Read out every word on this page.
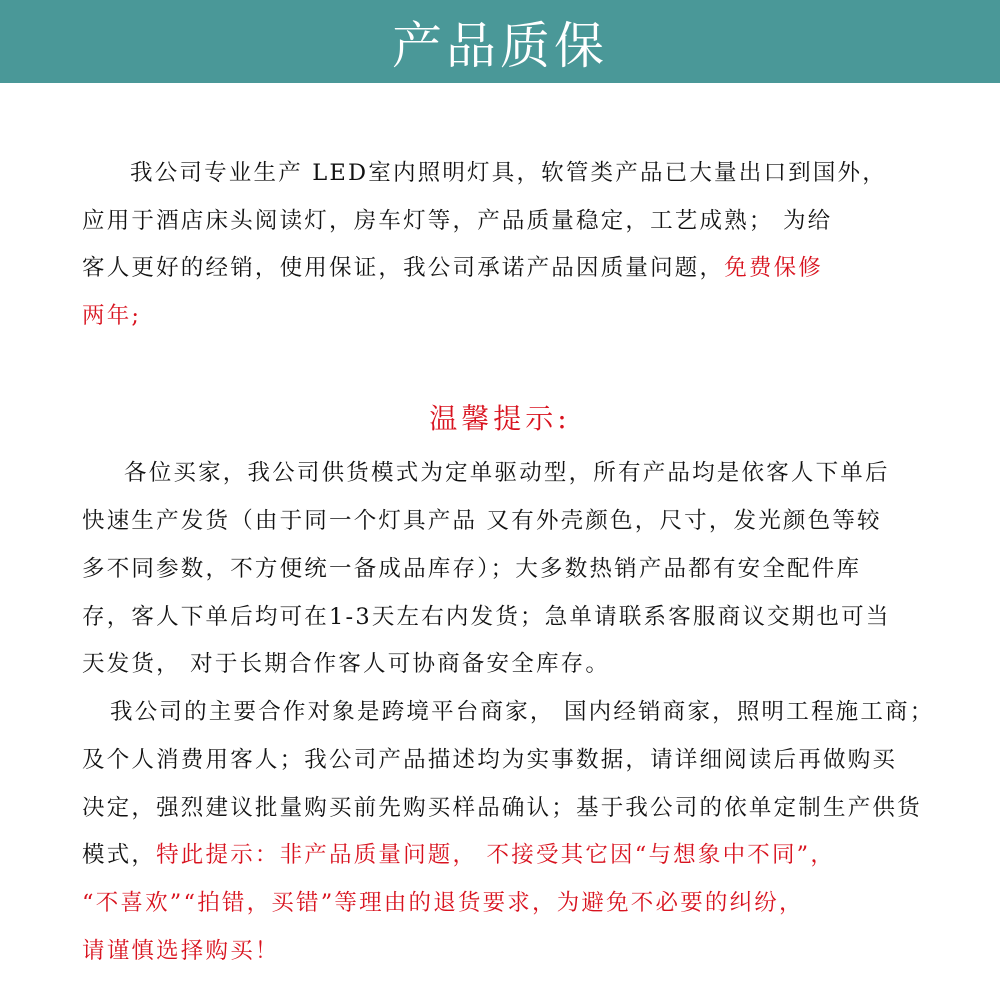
产品质保
我公司专业生产 LED室内照明灯具，软管类产品已大量出口到国外，
应用于酒店床头阅读灯，房车灯等，产品质量稳定，工艺成熟； 为给
客人更好的经销，使用保证，我公司承诺产品因质量问题，免费保修
两年;
温馨提示:
各位买家，我公司供货模式为定单驱动型，所有产品均是依客人下单后
快速生产发货（由于同一个灯具产品 又有外壳颜色，尺寸，发光颜色等较
多不同参数，不方便统一备成品库存）；大多数热销产品都有安全配件库
存，客人下单后均可在1-3天左右内发货；急单请联系客服商议交期也可当
天发货， 对于长期合作客人可协商备安全库存。
我公司的主要合作对象是跨境平台商家， 国内经销商家，照明工程施工商；
及个人消费用客人；我公司产品描述均为实事数据，请详细阅读后再做购买
决定，强烈建议批量购买前先购买样品确认；基于我公司的依单定制生产供货
模式，特此提示：非产品质量问题， 不接受其它因“与想象中不同”，
“不喜欢”“拍错，买错”等理由的退货要求，为避免不必要的纠纷，
请谨慎选择购买！
